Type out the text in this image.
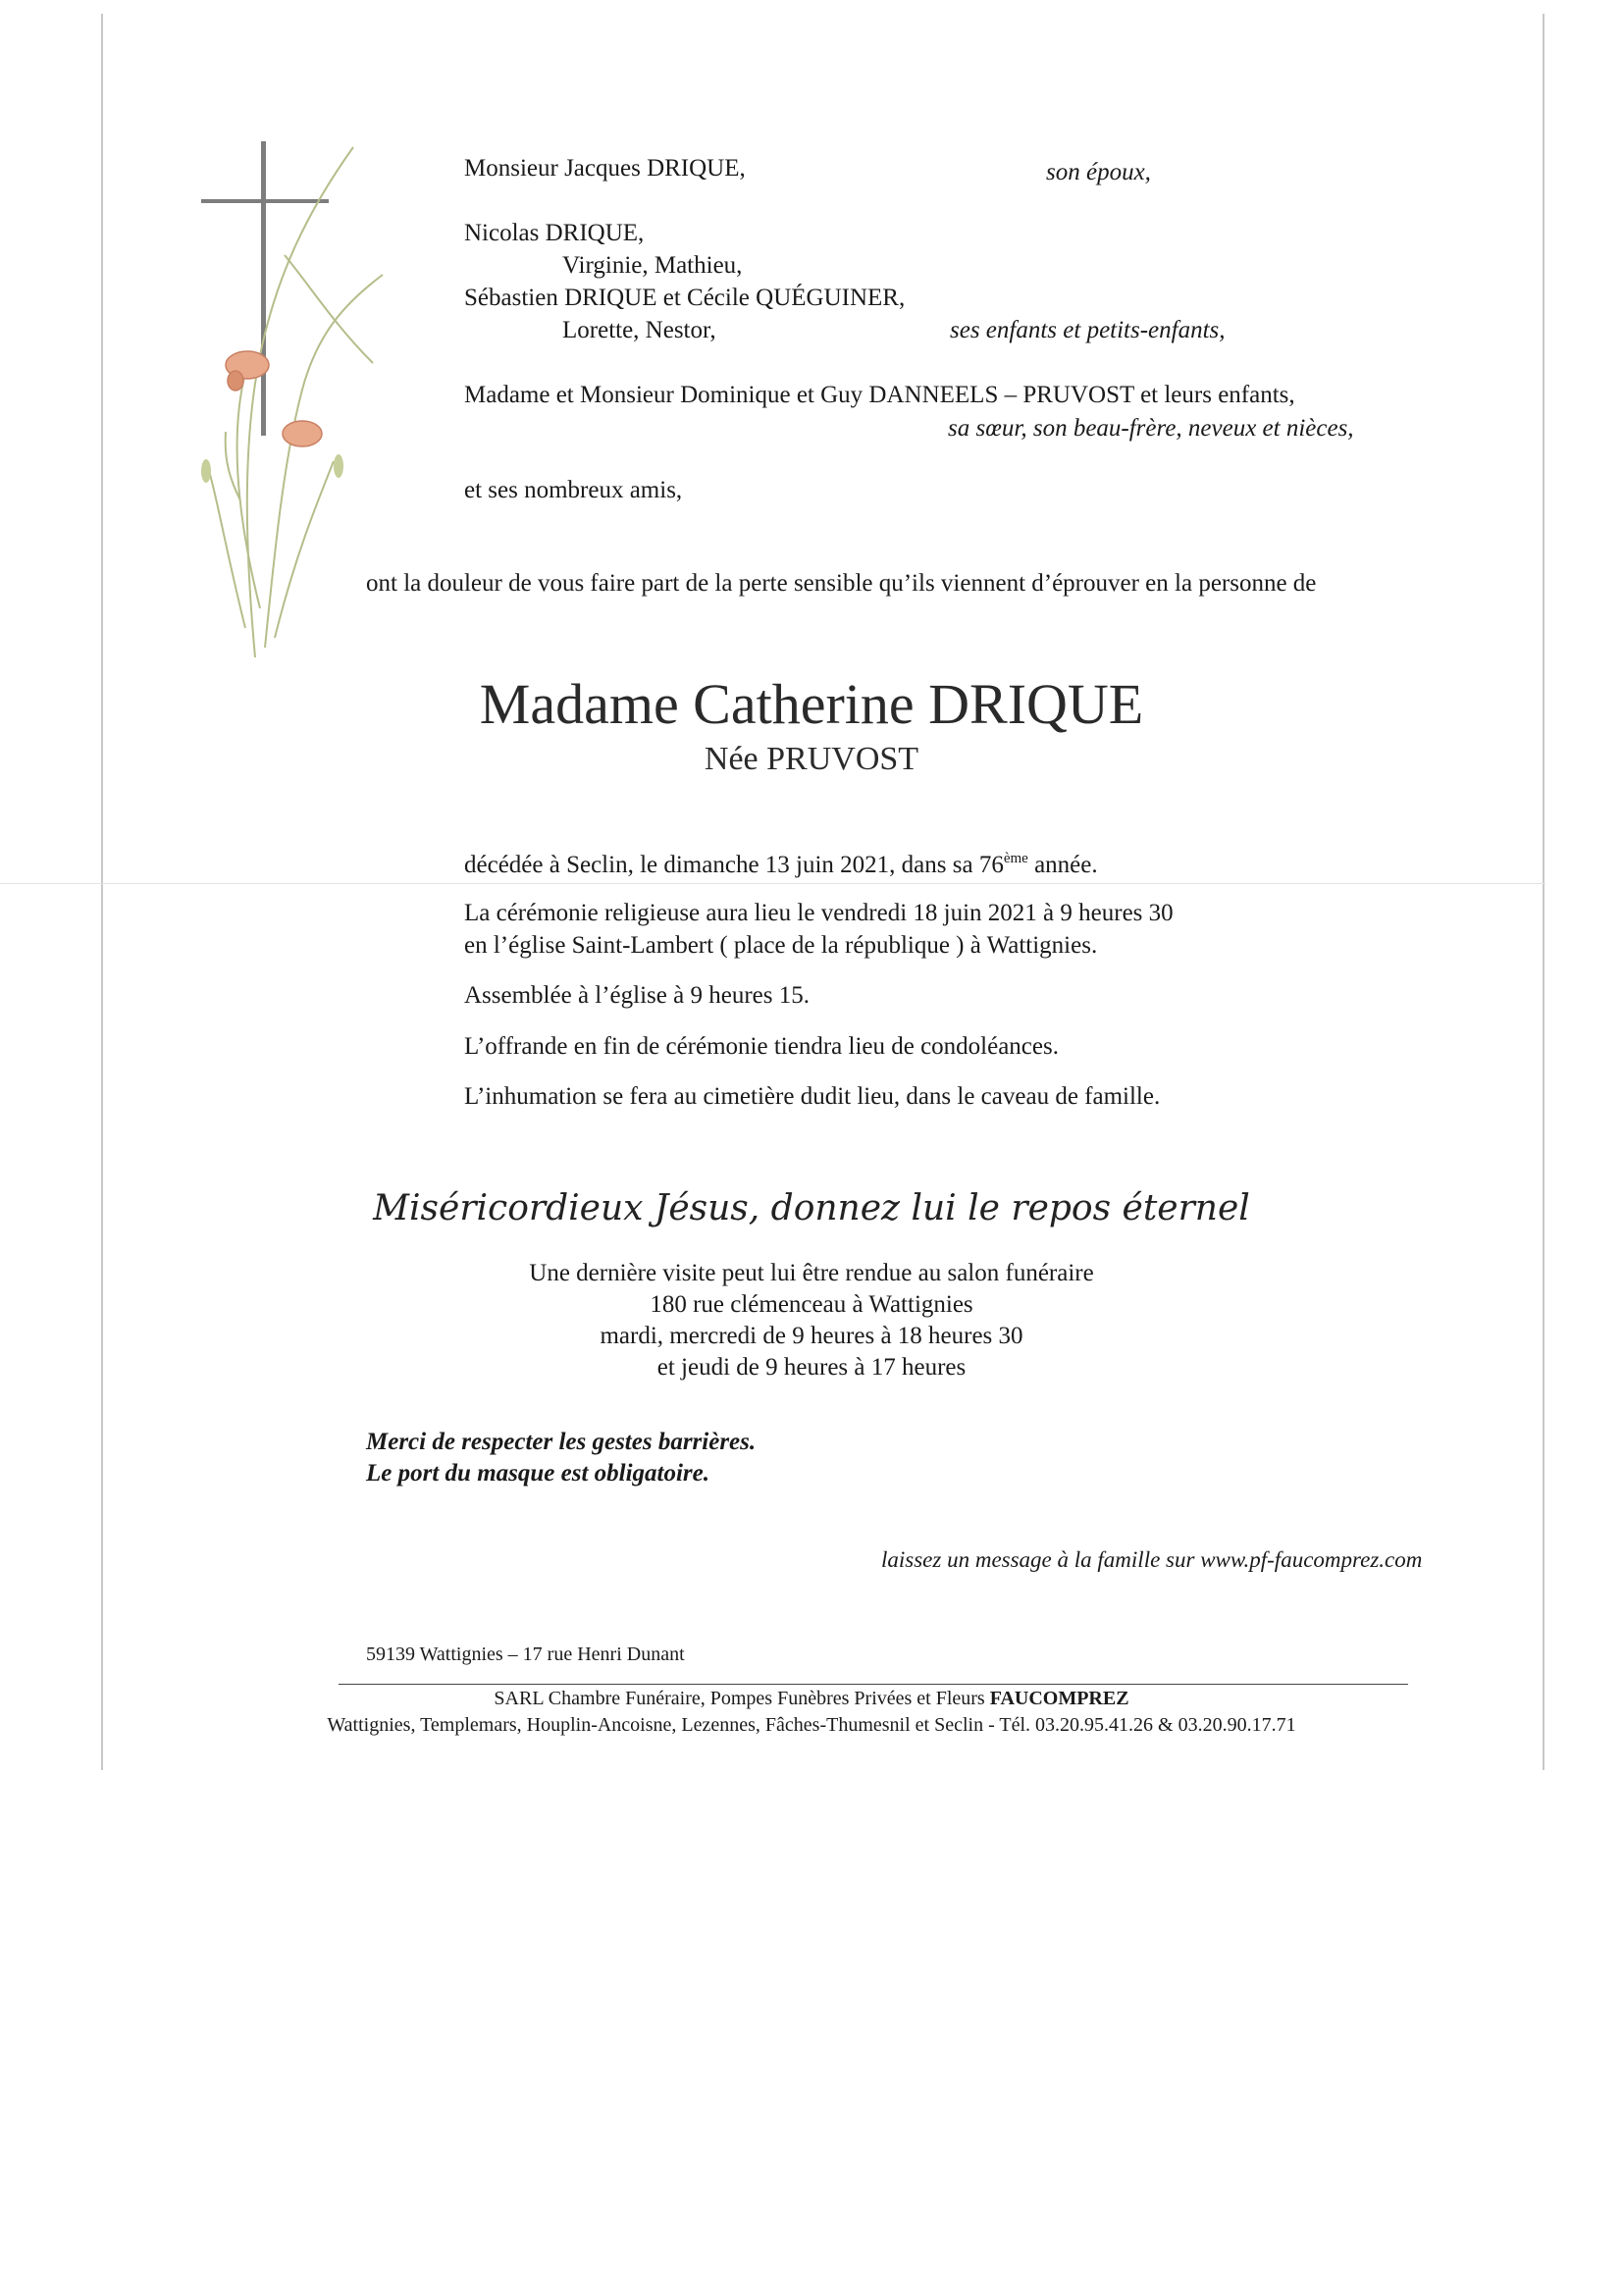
Monsieur Jacques DRIQUE,	son époux,
Nicolas DRIQUE,
Virginie, Mathieu,
Sébastien DRIQUE et Cécile QUÉGUINER,
Lorette, Nestor,	ses enfants et petits-enfants,
Madame et Monsieur Dominique et Guy DANNEELS – PRUVOST et leurs enfants,
sa sœur, son beau-frère, neveux et nièces,
et ses nombreux amis,
ont la douleur de vous faire part de la perte sensible qu’ils viennent d’éprouver en la personne de
Madame Catherine DRIQUE
Née PRUVOST
décédée à Seclin, le dimanche 13 juin 2021, dans sa 76ème année.
La cérémonie religieuse aura lieu le vendredi 18 juin 2021 à 9 heures 30
en l’église Saint-Lambert ( place de la république ) à Wattignies.
Assemblée à l’église à 9 heures 15.
L’offrande en fin de cérémonie tiendra lieu de condoléances.
L’inhumation se fera au cimetière dudit lieu, dans le caveau de famille.
Miséricordieux Jésus, donnez lui le repos éternel
Une dernière visite peut lui être rendue au salon funéraire
180 rue clémenceau à Wattignies
mardi, mercredi de 9 heures à 18 heures 30
et jeudi de 9 heures à 17 heures
Merci de respecter les gestes barrières.
Le port du masque est obligatoire.
laissez un message à la famille sur www.pf-faucomprez.com
59139 Wattignies – 17 rue Henri Dunant
SARL Chambre Funéraire, Pompes Funèbres Privées et Fleurs FAUCOMPREZ
Wattignies, Templemars, Houplin-Ancoisne, Lezennes, Fâches-Thumesnil et Seclin - Tél. 03.20.95.41.26 & 03.20.90.17.71
